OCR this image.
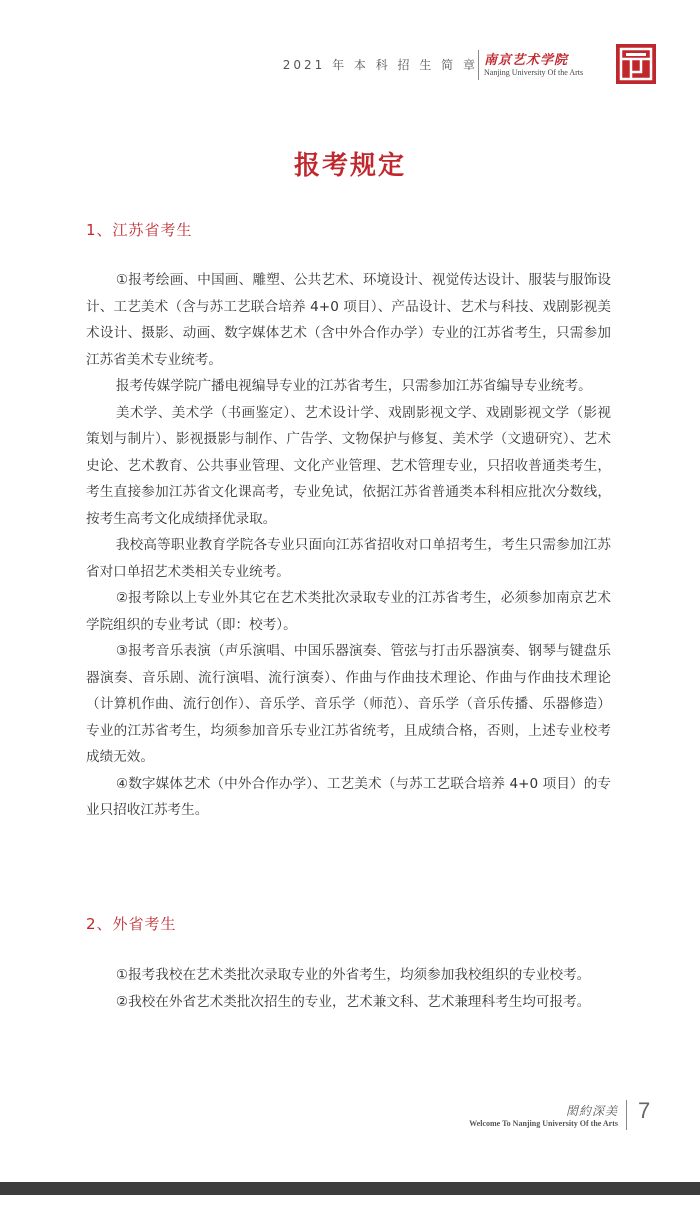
2021 年 本 科 招 生 简 章 南京艺术学院
Nanjing University Of the Arts
报考规定
1、江苏省考生

①报考绘画、中国画、雕塑、公共艺术、环境设计、视觉传达设计、服装与服饰设计、工艺美术（含与苏工艺联合培养 4+0 项目）、产品设计、艺术与科技、戏剧影视美术设计、摄影、动画、数字媒体艺术（含中外合作办学）专业的江苏省考生，只需参加江苏省美术专业统考。

报考传媒学院广播电视编导专业的江苏省考生，只需参加江苏省编导专业统考。

美术学、美术学（书画鉴定）、艺术设计学、戏剧影视文学、戏剧影视文学（影视策划与制片）、影视摄影与制作、广告学、文物保护与修复、美术学（文遗研究）、艺术史论、艺术教育、公共事业管理、文化产业管理、艺术管理专业，只招收普通类考生，考生直接参加江苏省文化课高考，专业免试，依据江苏省普通类本科相应批次分数线，按考生高考文化成绩择优录取。

我校高等职业教育学院各专业只面向江苏省招收对口单招考生，考生只需参加江苏省对口单招艺术类相关专业统考。

②报考除以上专业外其它在艺术类批次录取专业的江苏省考生，必须参加南京艺术学院组织的专业考试（即：校考）。

③报考音乐表演（声乐演唱、中国乐器演奏、管弦与打击乐器演奏、钢琴与键盘乐器演奏、音乐剧、流行演唱、流行演奏）、作曲与作曲技术理论、作曲与作曲技术理论（计算机作曲、流行创作）、音乐学、音乐学（师范）、音乐学（音乐传播、乐器修造）专业的江苏省考生，均须参加音乐专业江苏省统考，且成绩合格，否则，上述专业校考成绩无效。

④数字媒体艺术（中外合作办学）、工艺美术（与苏工艺联合培养 4+0 项目）的专业只招收江苏考生。

2、外省考生

①报考我校在艺术类批次录取专业的外省考生，均须参加我校组织的专业校考。

②我校在外省艺术类批次招生的专业，艺术兼文科、艺术兼理科考生均可报考。

閎約深美
Welcome To Nanjing University Of the Arts
7
